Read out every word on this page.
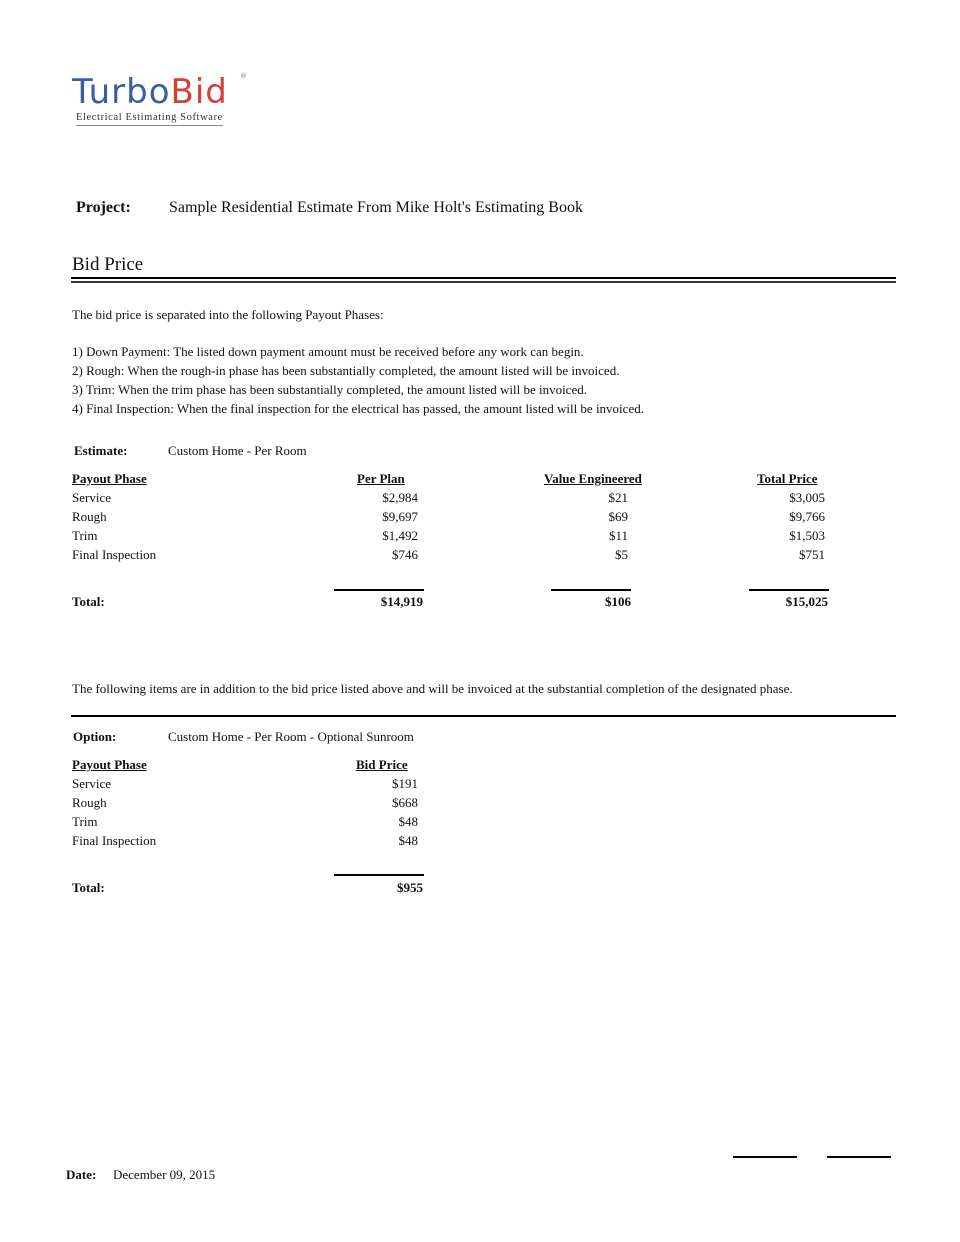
TurboBid ®
Electrical Estimating Software
Project: Sample Residential Estimate From Mike Holt's Estimating Book
Bid Price
The bid price is separated into the following Payout Phases:
1) Down Payment: The listed down payment amount must be received before any work can begin.
2) Rough: When the rough-in phase has been substantially completed, the amount listed will be invoiced.
3) Trim: When the trim phase has been substantially completed, the amount listed will be invoiced.
4) Final Inspection: When the final inspection for the electrical has passed, the amount listed will be invoiced.
Estimate:	Custom Home - Per Room
Payout Phase	Per Plan	Value Engineered	Total Price
Service	$2,984	$21	$3,005
Rough	$9,697	$69	$9,766
Trim	$1,492	$11	$1,503
Final Inspection	$746	$5	$751
Total:	$14,919	$106	$15,025
The following items are in addition to the bid price listed above and will be invoiced at the substantial completion of the designated phase.
Option:	Custom Home - Per Room - Optional Sunroom
Payout Phase	Bid Price
Service	$191
Rough	$668
Trim	$48
Final Inspection	$48
Total:	$955
Date: December 09, 2015
